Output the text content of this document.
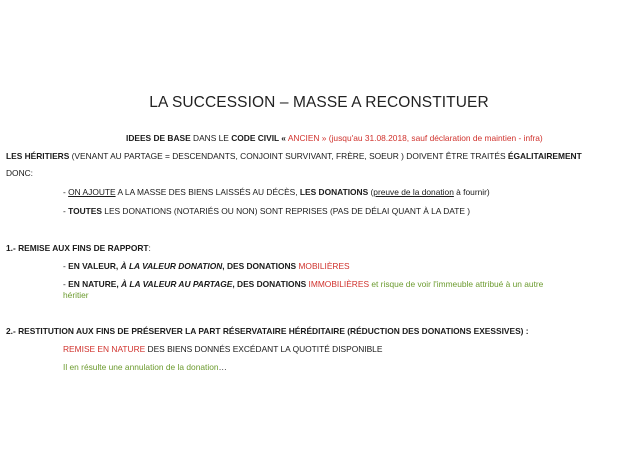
LA SUCCESSION – MASSE A RECONSTITUER
IDEES DE BASE DANS LE CODE CIVIL « ANCIEN » (jusqu'au 31.08.2018, sauf déclaration de maintien - infra)
LES HÉRITIERS (VENANT AU PARTAGE = DESCENDANTS, CONJOINT SURVIVANT, FRÈRE, SOEUR ) DOIVENT ÊTRE TRAITÉS ÉGALITAIREMENT
DONC:
- ON AJOUTE A LA MASSE DES BIENS LAISSÉS AU DÉCÈS, LES DONATIONS (preuve de la donation à fournir)
- TOUTES LES DONATIONS (NOTARIÉS OU NON) SONT REPRISES (PAS DE DÉLAI QUANT À LA DATE )
1.- REMISE AUX FINS DE RAPPORT:
- EN VALEUR, À LA VALEUR DONATION, DES DONATIONS MOBILIÈRES
- EN NATURE, À LA VALEUR AU PARTAGE, DES DONATIONS IMMOBILIÈRES et risque de voir l'immeuble attribué à un autre
héritier
2.- RESTITUTION AUX FINS DE PRÉSERVER LA PART RÉSERVATAIRE HÉRÉDITAIRE (RÉDUCTION DES DONATIONS EXESSIVES) :
REMISE EN NATURE DES BIENS DONNÉS EXCÉDANT LA QUOTITÉ DISPONIBLE
Il en résulte une annulation de la donation…
